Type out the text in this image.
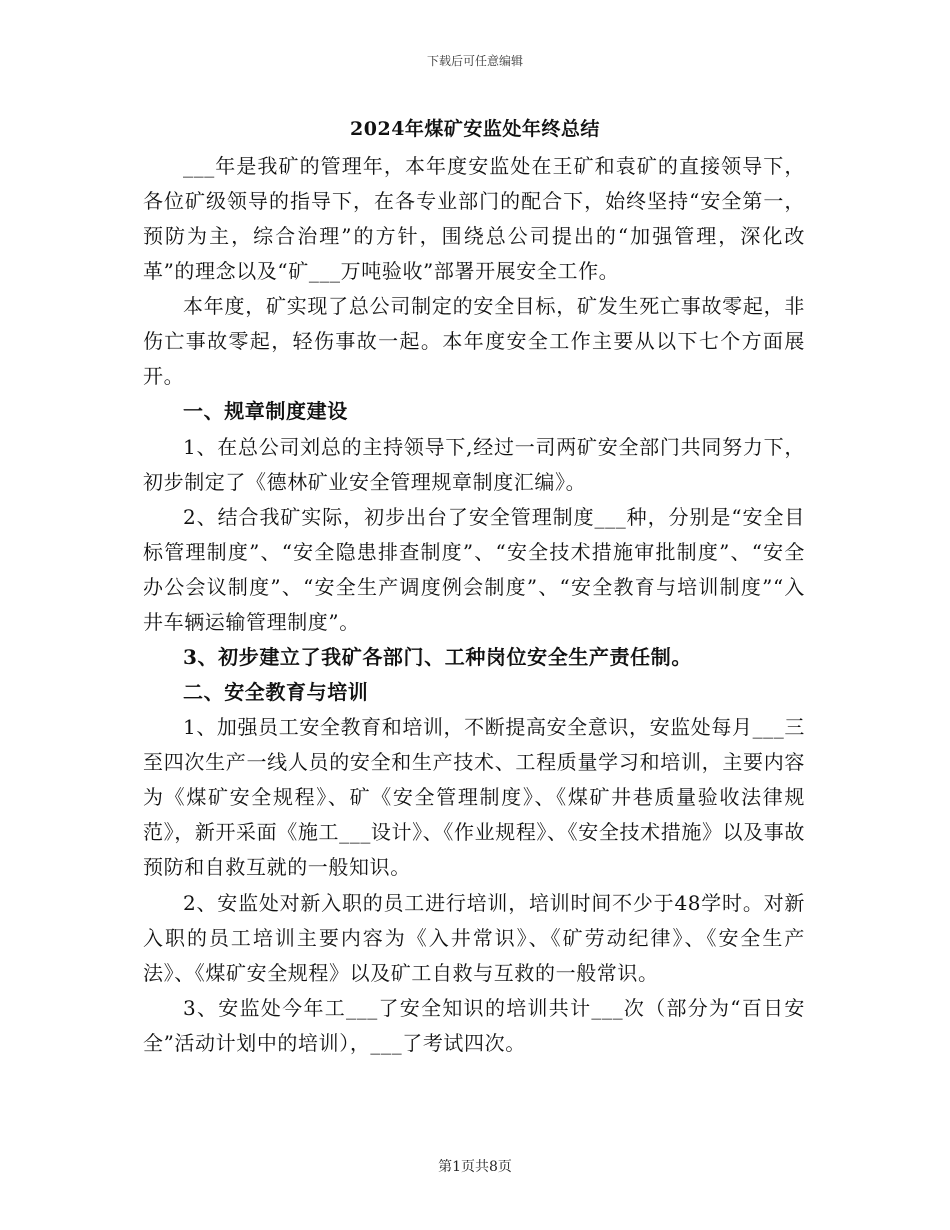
下载后可任意编辑
2024年煤矿安监处年终总结

___年是我矿的管理年，本年度安监处在王矿和袁矿的直接领导下，各位矿级领导的指导下，在各专业部门的配合下，始终坚持“安全第一，预防为主，综合治理”的方针，围绕总公司提出的“加强管理，深化改革”的理念以及“矿___万吨验收”部署开展安全工作。

本年度，矿实现了总公司制定的安全目标，矿发生死亡事故零起，非伤亡事故零起，轻伤事故一起。本年度安全工作主要从以下七个方面展开。

一、规章制度建设

1、在总公司刘总的主持领导下,经过一司两矿安全部门共同努力下，初步制定了《德林矿业安全管理规章制度汇编》。

2、结合我矿实际，初步出台了安全管理制度___种，分别是“安全目标管理制度”、“安全隐患排查制度”、“安全技术措施审批制度”、“安全办公会议制度”、“安全生产调度例会制度”、“安全教育与培训制度”“入井车辆运输管理制度”。

3、初步建立了我矿各部门、工种岗位安全生产责任制。

二、安全教育与培训

1、加强员工安全教育和培训，不断提高安全意识，安监处每月___三至四次生产一线人员的安全和生产技术、工程质量学习和培训，主要内容为《煤矿安全规程》、矿《安全管理制度》、《煤矿井巷质量验收法律规范》，新开采面《施工___设计》、《作业规程》、《安全技术措施》以及事故预防和自救互就的一般知识。

2、安监处对新入职的员工进行培训，培训时间不少于48学时。对新入职的员工培训主要内容为《入井常识》、《矿劳动纪律》、《安全生产法》、《煤矿安全规程》以及矿工自救与互救的一般常识。

3、安监处今年工___了安全知识的培训共计___次（部分为“百日安全”活动计划中的培训），___了考试四次。

第1页共8页
